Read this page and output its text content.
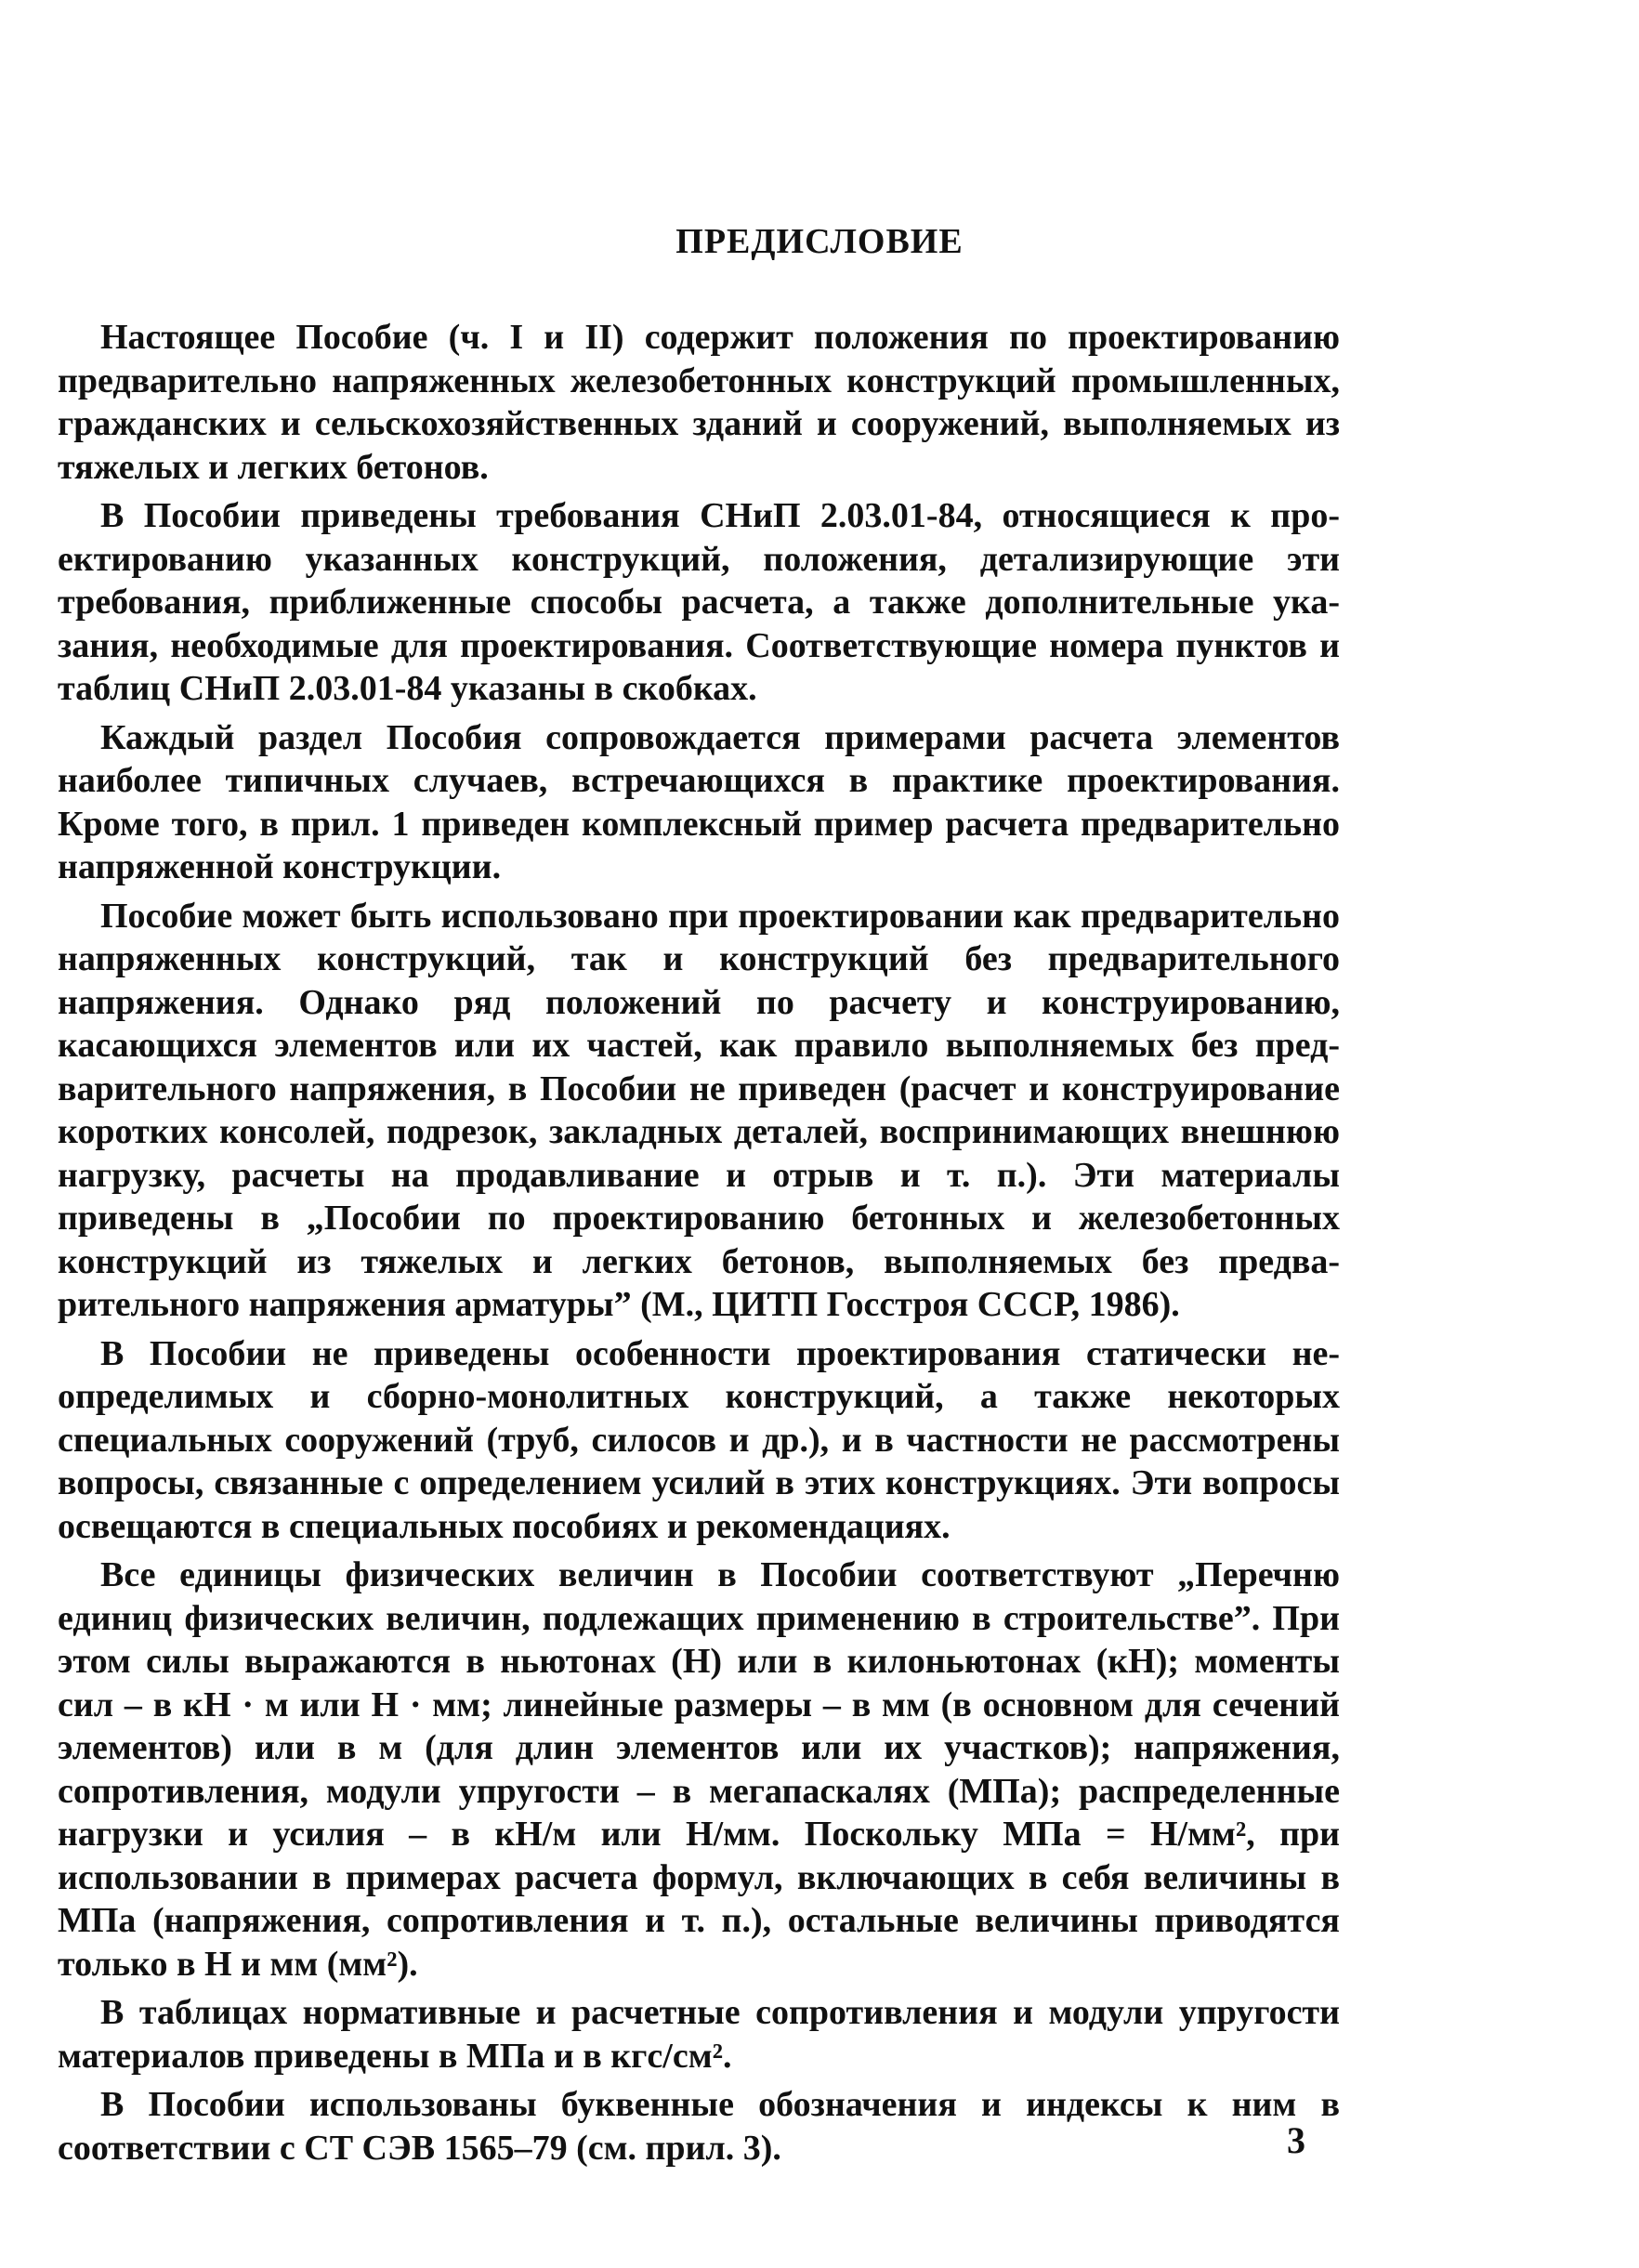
ПРЕДИСЛОВИЕ

Настоящее Пособие (ч. I и II) содержит положения по проектированию предварительно напряженных железобетонных конструкций промышленных, гражданских и сельскохозяйственных зданий и сооружений, выполняемых из тяжелых и легких бетонов.

В Пособии приведены требования СНиП 2.03.01-84, относящиеся к проектированию указанных конструкций, положения, детализирующие эти требования, приближенные способы расчета, а также дополнительные указания, необходимые для проектирования. Соответствующие номера пунктов и таблиц СНиП 2.03.01-84 указаны в скобках.

Каждый раздел Пособия сопровождается примерами расчета элементов наиболее типичных случаев, встречающихся в практике проектирования. Кроме того, в прил. 1 приведен комплексный пример расчета предварительно напряженной конструкции.

Пособие может быть использовано при проектировании как предварительно напряженных конструкций, так и конструкций без предварительного напряжения. Однако ряд положений по расчету и конструированию, касающихся элементов или их частей, как правило выполняемых без предварительного напряжения, в Пособии не приведен (расчет и конструирование коротких консолей, подрезок, закладных деталей, воспринимающих внешнюю нагрузку, расчеты на продавливание и отрыв и т. п.). Эти материалы приведены в „Пособии по проектированию бетонных и железобетонных конструкций из тяжелых и легких бетонов, выполняемых без предварительного напряжения арматуры” (М., ЦИТП Госстроя СССР, 1986).

В Пособии не приведены особенности проектирования статически неопределимых и сборно-монолитных конструкций, а также некоторых специальных сооружений (труб, силосов и др.), и в частности не рассмотрены вопросы, связанные с определением усилий в этих конструкциях. Эти вопросы освещаются в специальных пособиях и рекомендациях.

Все единицы физических величин в Пособии соответствуют „Перечню единиц физических величин, подлежащих применению в строительстве”. При этом силы выражаются в ньютонах (Н) или в килоньютонах (кН); моменты сил – в кН · м или Н · мм; линейные размеры – в мм (в основном для сечений элементов) или в м (для длин элементов или их участков); напряжения, сопротивления, модули упругости – в мегапаскалях (МПа); распределенные нагрузки и усилия – в кН/м или Н/мм. Поскольку МПа = Н/мм², при использовании в примерах расчета формул, включающих в себя величины в МПа (напряжения, сопротивления и т. п.), остальные величины приводятся только в Н и мм (мм²).

В таблицах нормативные и расчетные сопротивления и модули упругости материалов приведены в МПа и в кгс/см².

В Пособии использованы буквенные обозначения и индексы к ним в соответствии с СТ СЭВ 1565–79 (см. прил. 3).	3
